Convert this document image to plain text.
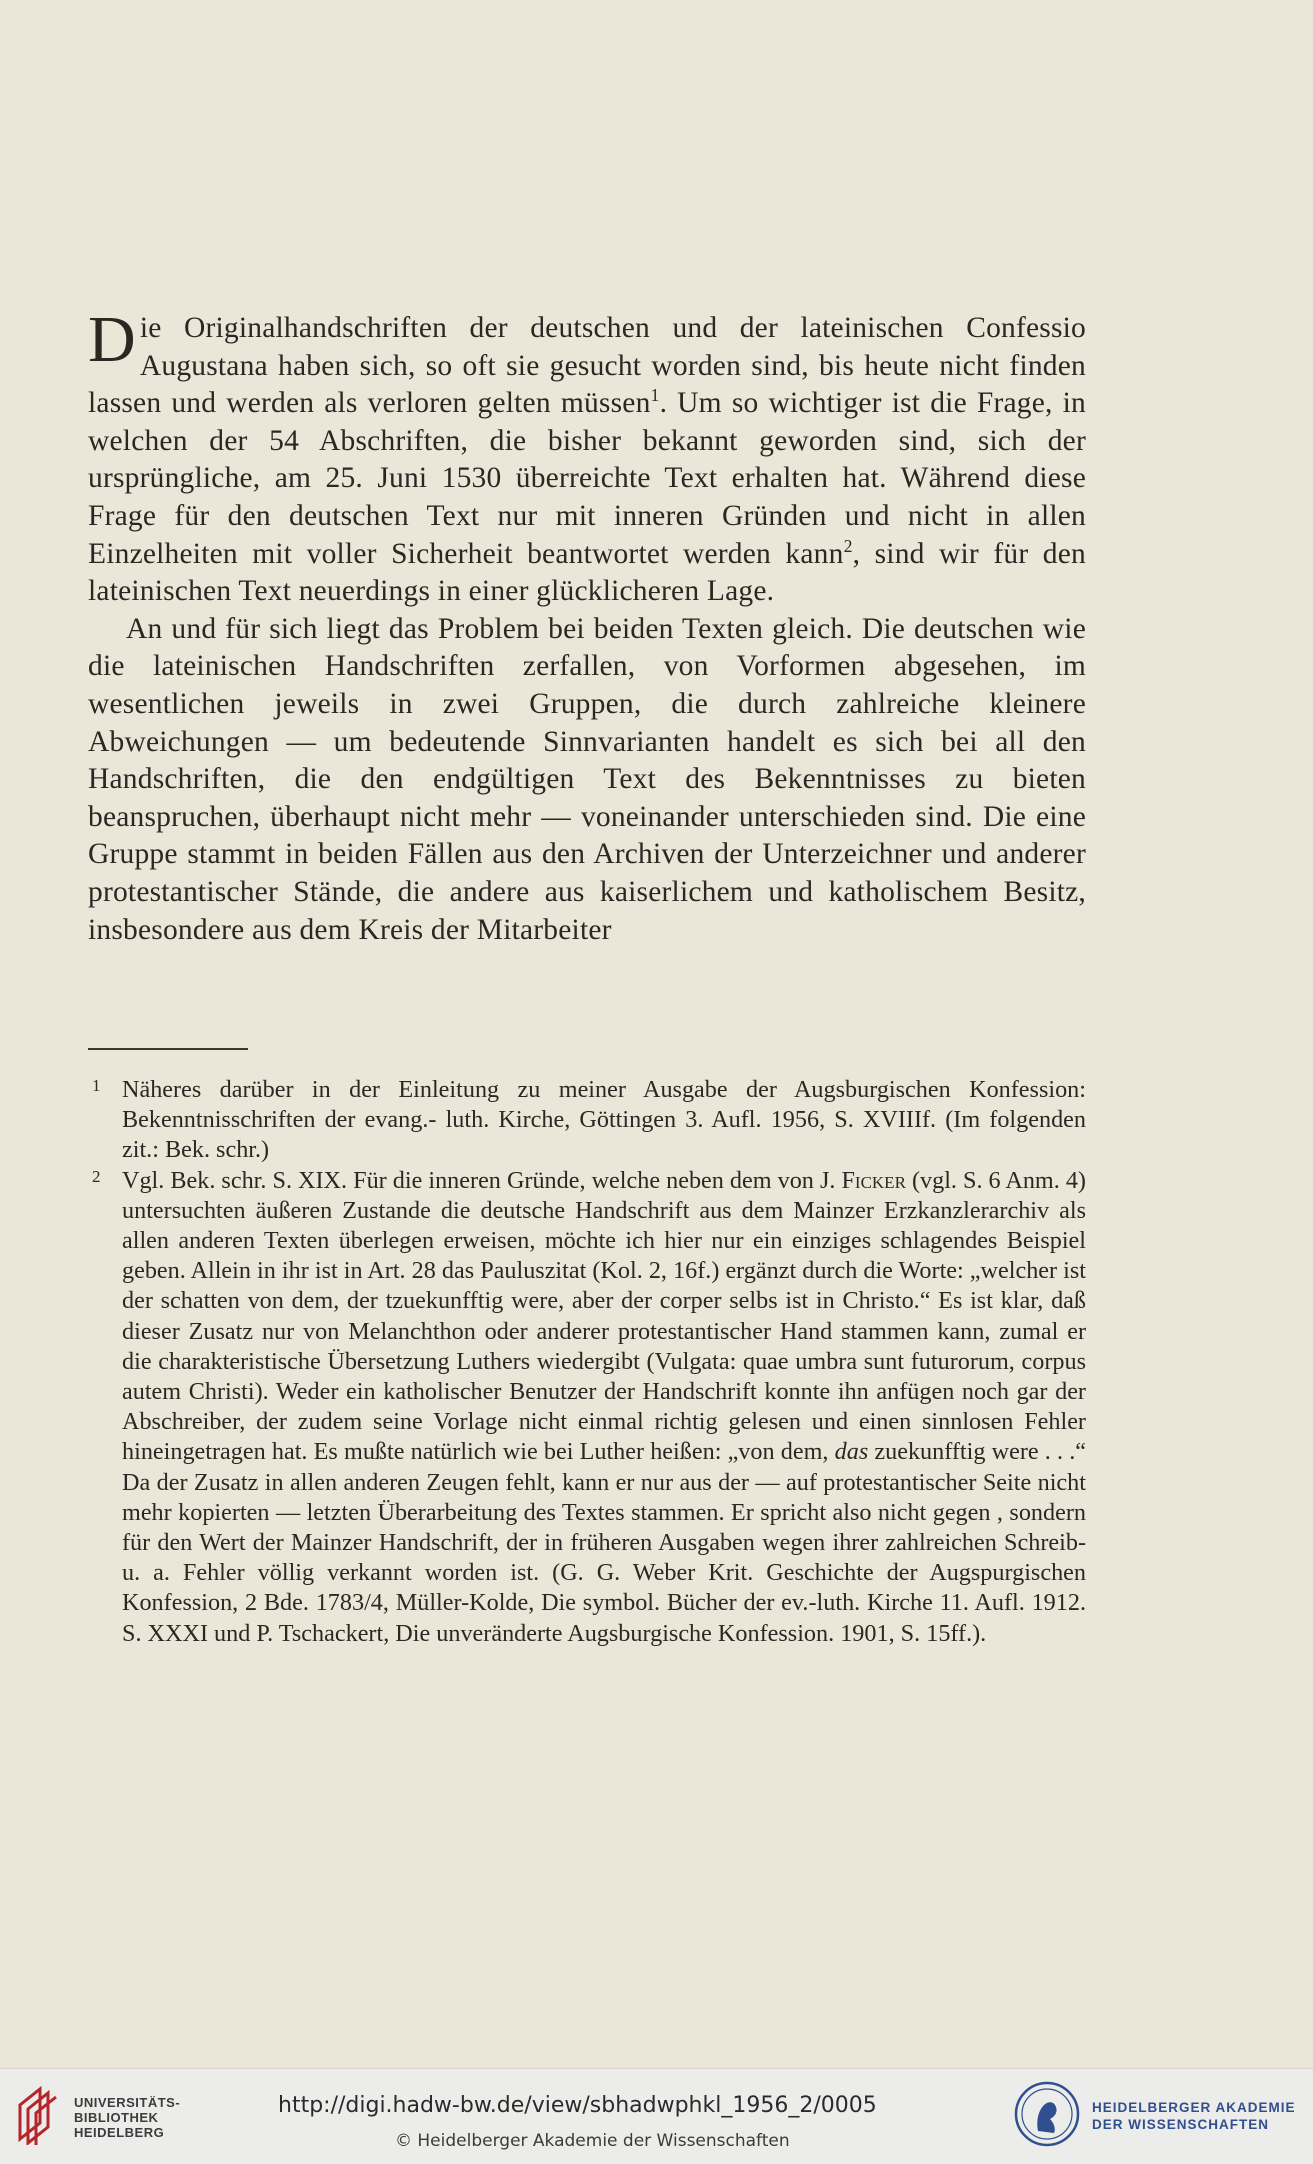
Die Originalhandschriften der deutschen und der lateinischen Confessio Augustana haben sich, so oft sie gesucht worden sind, bis heute nicht finden lassen und werden als verloren gelten müssen$^1$. Um so wichtiger ist die Frage, in welchen der 54 Abschriften, die bisher bekannt geworden sind, sich der ursprüngliche, am 25. Juni 1530 überreichte Text erhalten hat. Während diese Frage für den deutschen Text nur mit inneren Gründen und nicht in allen Einzelheiten mit voller Sicherheit beantwortet werden kann$^2$, sind wir für den lateinischen Text neuerdings in einer glücklicheren Lage.

An und für sich liegt das Problem bei beiden Texten gleich. Die deutschen wie die lateinischen Handschriften zerfallen, von Vorformen abgesehen, im wesentlichen jeweils in zwei Gruppen, die durch zahlreiche kleinere Abweichungen — um bedeutende Sinnvarianten handelt es sich bei all den Handschriften, die den endgültigen Text des Bekenntnisses zu bieten beanspruchen, überhaupt nicht mehr — voneinander unterschieden sind. Die eine Gruppe stammt in beiden Fällen aus den Archiven der Unterzeichner und anderer protestantischer Stände, die andere aus kaiserlichem und katholischem Besitz, insbesondere aus dem Kreis der Mitarbeiter

1 Näheres darüber in der Einleitung zu meiner Ausgabe der Augsburgischen Konfession: Bekenntnisschriften der evang.- luth. Kirche, Göttingen 3. Aufl. 1956, S. XVIIIf. (Im folgenden zit.: Bek. schr.)

2 Vgl. Bek. schr. S. XIX. Für die inneren Gründe, welche neben dem von J. Ficker (vgl. S. 6 Anm. 4) untersuchten äußeren Zustande die deutsche Handschrift aus dem Mainzer Erzkanzlerarchiv als allen anderen Texten überlegen erweisen, möchte ich hier nur ein einziges schlagendes Beispiel geben. Allein in ihr ist in Art. 28 das Pauluszitat (Kol. 2, 16f.) ergänzt durch die Worte: „welcher ist der schatten von dem, der tzuekunfftig were, aber der corper selbs ist in Christo.“ Es ist klar, daß dieser Zusatz nur von Melanchthon oder anderer protestantischer Hand stammen kann, zumal er die charakteristische Übersetzung Luthers wiedergibt (Vulgata: quae umbra sunt futurorum, corpus autem Christi). Weder ein katholischer Benutzer der Handschrift konnte ihn anfügen noch gar der Abschreiber, der zudem seine Vorlage nicht einmal richtig gelesen und einen sinnlosen Fehler hineingetragen hat. Es mußte natürlich wie bei Luther heißen: „von dem, das zuekunfftig were . . .“ Da der Zusatz in allen anderen Zeugen fehlt, kann er nur aus der — auf protestantischer Seite nicht mehr kopierten — letzten Überarbeitung des Textes stammen. Er spricht also nicht gegen , sondern für den Wert der Mainzer Handschrift, der in früheren Ausgaben wegen ihrer zahlreichen Schreib- u. a. Fehler völlig verkannt worden ist. (G. G. Weber Krit. Geschichte der Augspurgischen Konfession, 2 Bde. 1783/4, Müller-Kolde, Die symbol. Bücher der ev.-luth. Kirche 11. Aufl. 1912. S. XXXI und P. Tschackert, Die unveränderte Augsburgische Konfession. 1901, S. 15ff.).

UNIVERSITÄTS-
BIBLIOTHEK
HEIDELBERG
http://digi.hadw-bw.de/view/sbhadwphkl_1956_2/0005
© Heidelberger Akademie der Wissenschaften
HEIDELBERGER AKADEMIE
DER WISSENSCHAFTEN
